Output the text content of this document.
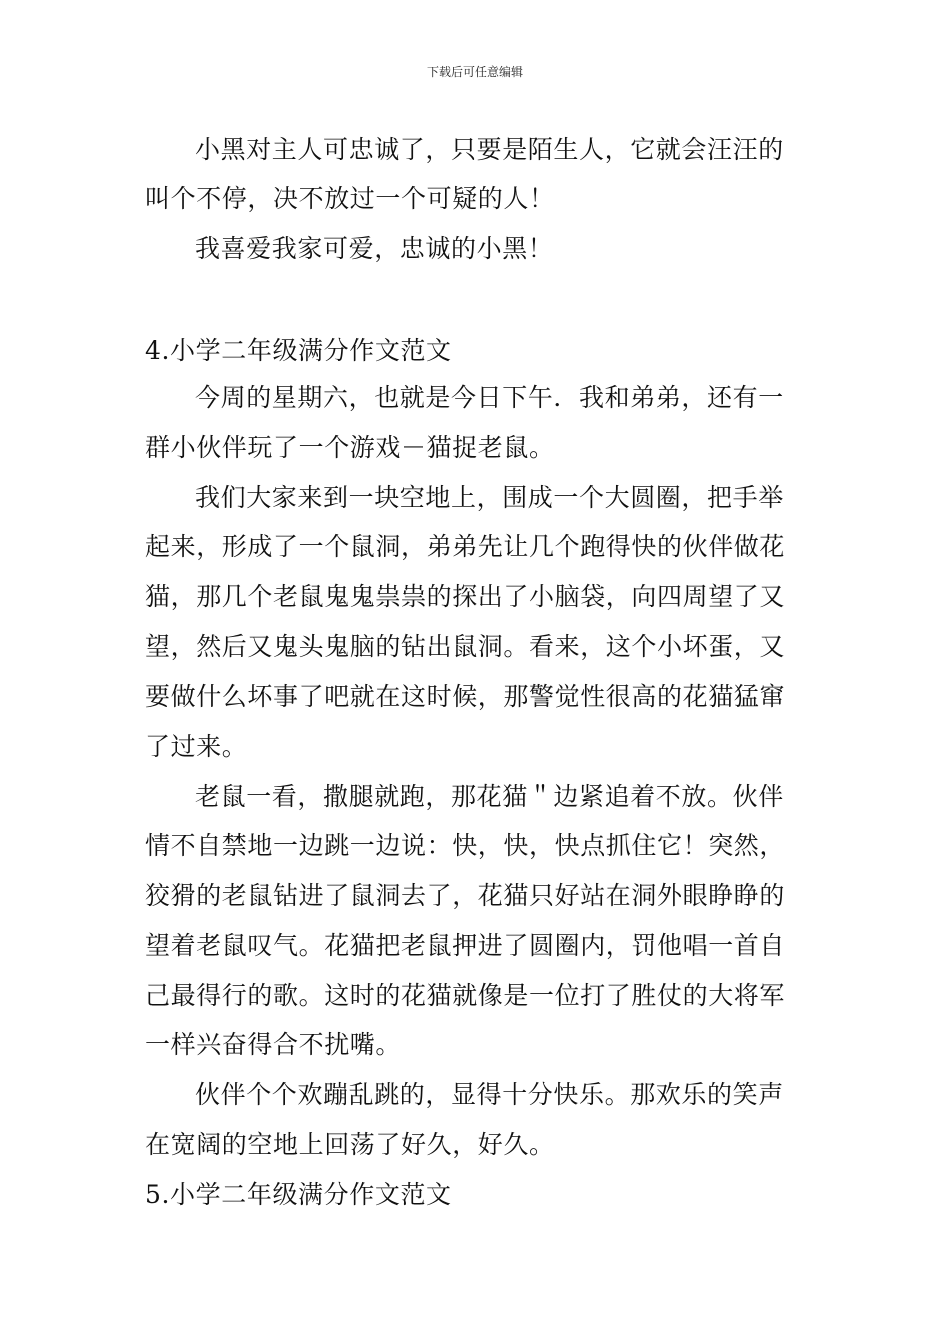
下载后可任意编辑
小黑对主人可忠诚了，只要是陌生人，它就会汪汪的
叫个不停，决不放过一个可疑的人！
我喜爱我家可爱，忠诚的小黑！
4.小学二年级满分作文范文
今周的星期六，也就是今日下午．我和弟弟，还有一
群小伙伴玩了一个游戏－猫捉老鼠。
我们大家来到一块空地上，围成一个大圆圈，把手举
起来，形成了一个鼠洞，弟弟先让几个跑得快的伙伴做花
猫，那几个老鼠鬼鬼祟祟的探出了小脑袋，向四周望了又
望，然后又鬼头鬼脑的钻出鼠洞。看来，这个小坏蛋，又
要做什么坏事了吧就在这时候，那警觉性很高的花猫猛窜
了过来。
老鼠一看，撒腿就跑，那花猫＂边紧追着不放。伙伴
情不自禁地一边跳一边说：快，快，快点抓住它！突然，
狡猾的老鼠钻进了鼠洞去了，花猫只好站在洞外眼睁睁的
望着老鼠叹气。花猫把老鼠押进了圆圈内，罚他唱一首自
己最得行的歌。这时的花猫就像是一位打了胜仗的大将军
一样兴奋得合不扰嘴。
伙伴个个欢蹦乱跳的，显得十分快乐。那欢乐的笑声
在宽阔的空地上回荡了好久，好久。
5.小学二年级满分作文范文
